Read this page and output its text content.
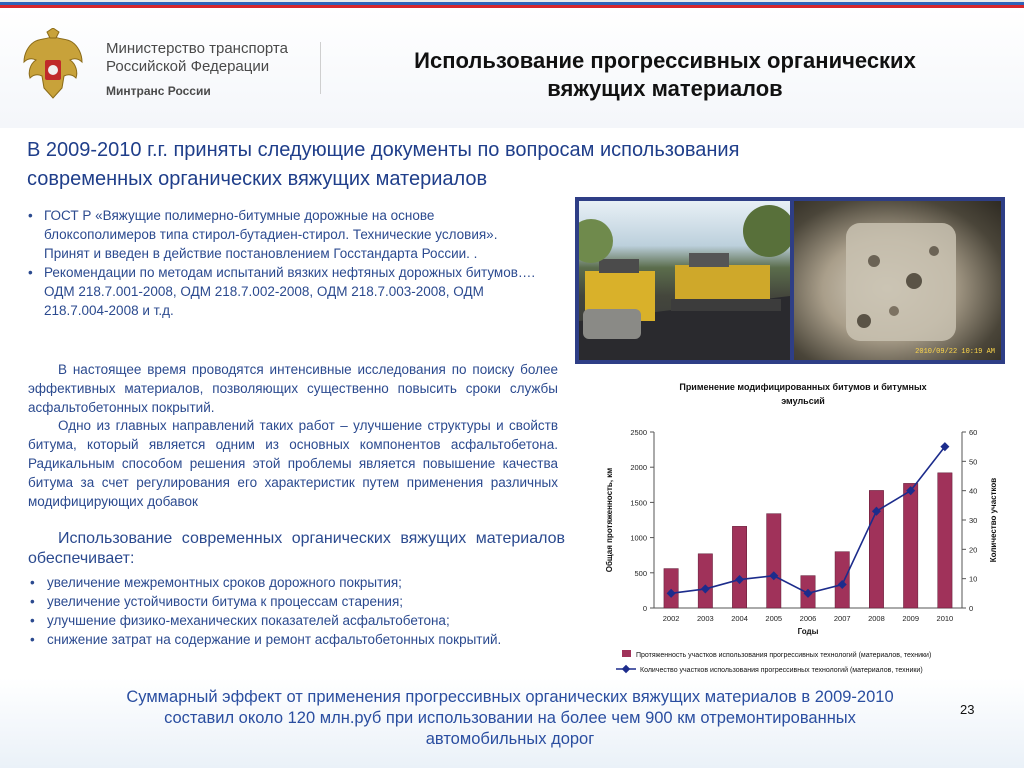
Министерство транспорта
Российской Федерации
Минтранс России
Использование прогрессивных органических
вяжущих материалов
В 2009-2010 г.г. приняты следующие документы по вопросам использования
современных органических вяжущих материалов
• ГОСТ Р «Вяжущие полимерно-битумные дорожные на основе блоксополимеров типа стирол-бутадиен-стирол. Технические условия». Принят и введен в действие постановлением Госстандарта России. .
• Рекомендации по методам испытаний вязких нефтяных дорожных битумов…. ОДМ 218.7.001-2008, ОДМ 218.7.002-2008, ОДМ 218.7.003-2008, ОДМ 218.7.004-2008 и т.д.
В настоящее время проводятся интенсивные исследования по поиску более эффективных материалов, позволяющих существенно повысить сроки службы асфальтобетонных покрытий.
Одно из главных направлений таких работ – улучшение структуры и свойств битума, который является одним из основных компонентов асфальтобетона. Радикальным способом решения этой проблемы является повышение качества битума за счет регулирования его характеристик путем применения различных модифицирующих добавок
Использование современных органических вяжущих материалов обеспечивает:
• увеличение межремонтных сроков дорожного покрытия;
• увеличение устойчивости битума к процессам старения;
• улучшение физико-механических показателей асфальтобетона;
• снижение затрат на содержание и ремонт асфальтобетонных покрытий.
2010/09/22 10:19 AM
Применение модифицированных битумов и битумных
эмульсий
0
500
1000
1500
2000
2500
0
10
20
30
40
50
60
2002 2003 2004 2005 2006 2007 2008 2009 2010
Годы
Общая протяженность, км	Количество участков
Протяженность участков использования прогрессивных технологий (материалов, техники)
Количество участков использования прогрессивных технологий (материалов, техники)
Суммарный эффект от применения прогрессивных органических вяжущих материалов в 2009-2010
составил около 120 млн.руб при использовании на более чем 900 км отремонтированных
автомобильных дорог
23
